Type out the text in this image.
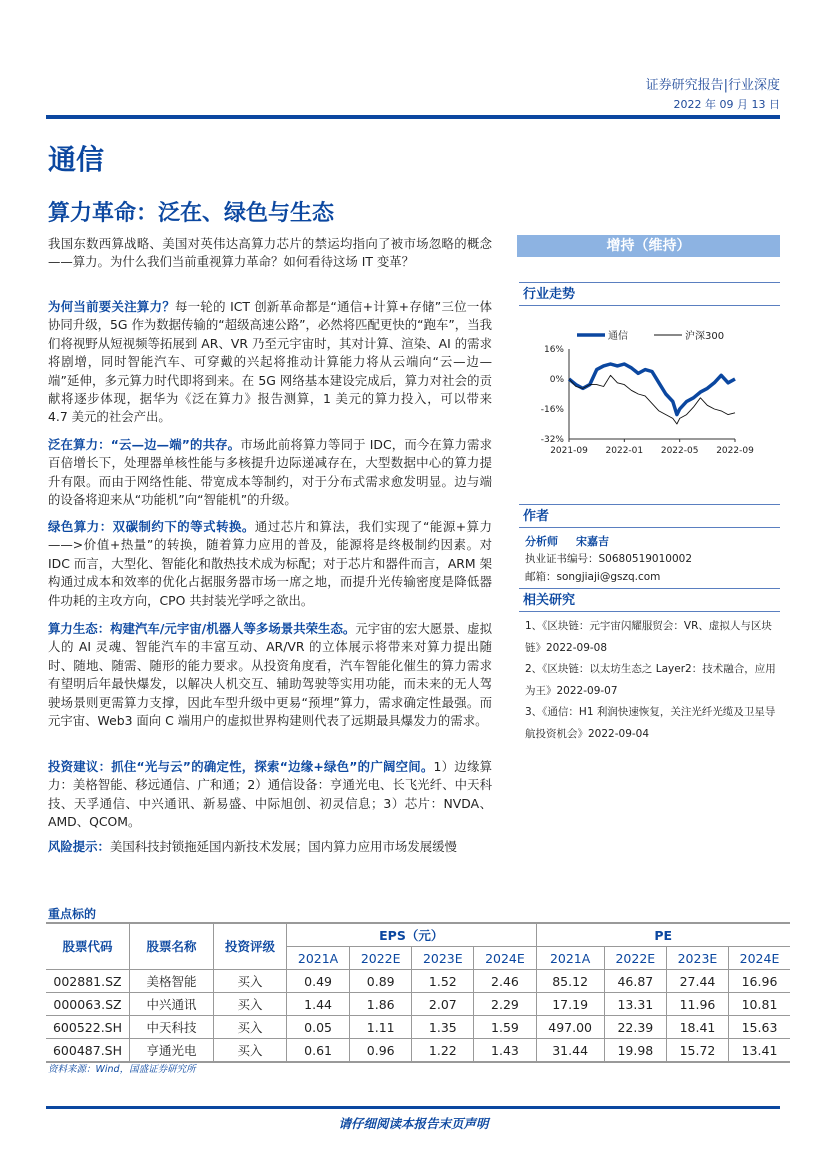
证券研究报告|行业深度
2022 年 09 月 13 日
通信
算力革命：泛在、绿色与生态
我国东数西算战略、美国对英伟达高算力芯片的禁运均指向了被市场忽略的概念——算力。为什么我们当前重视算力革命？如何看待这场 IT 变革？
为何当前要关注算力？每一轮的 ICT 创新革命都是“通信+计算+存储”三位一体协同升级，5G 作为数据传输的“超级高速公路”，必然将匹配更快的“跑车”，当我们将视野从短视频等拓展到 AR、VR 乃至元宇宙时，其对计算、渲染、AI 的需求将剧增，同时智能汽车、可穿戴的兴起将推动计算能力将从云端向“云—边—端”延伸，多元算力时代即将到来。在 5G 网络基本建设完成后，算力对社会的贡献将逐步体现，据华为《泛在算力》报告测算，1 美元的算力投入，可以带来 4.7 美元的社会产出。
泛在算力：“云—边—端”的共存。市场此前将算力等同于 IDC，而今在算力需求百倍增长下，处理器单核性能与多核提升边际递减存在，大型数据中心的算力提升有限。而由于网络性能、带宽成本等制约，对于分布式需求愈发明显。边与端的设备将迎来从“功能机”向“智能机”的升级。
绿色算力：双碳制约下的等式转换。通过芯片和算法，我们实现了“能源+算力——>价值+热量”的转换，随着算力应用的普及，能源将是终极制约因素。对 IDC 而言，大型化、智能化和散热技术成为标配；对于芯片和器件而言，ARM 架构通过成本和效率的优化占据服务器市场一席之地，而提升光传输密度是降低器件功耗的主攻方向，CPO 共封装光学呼之欲出。
算力生态：构建汽车/元宇宙/机器人等多场景共荣生态。元宇宙的宏大愿景、虚拟人的 AI 灵魂、智能汽车的丰富互动、AR/VR 的立体展示将带来对算力提出随时、随地、随需、随形的能力要求。从投资角度看，汽车智能化催生的算力需求有望明后年最快爆发，以解决人机交互、辅助驾驶等实用功能，而未来的无人驾驶场景则更需算力支撑，因此车型升级中更易“预埋”算力，需求确定性最强。而元宇宙、Web3 面向 C 端用户的虚拟世界构建则代表了远期最具爆发力的需求。
投资建议：抓住“光与云”的确定性，探索“边缘+绿色”的广阔空间。1）边缘算力：美格智能、移远通信、广和通；2）通信设备：亨通光电、长飞光纤、中天科技、天孚通信、中兴通讯、新易盛、中际旭创、初灵信息；3）芯片：NVDA、AMD、QCOM。
风险提示：美国科技封锁拖延国内新技术发展；国内算力应用市场发展缓慢
增持（维持）
行业走势
16%
0%
-16%
-32%
2021-09 2022-01 2022-05 2022-09
通信	沪深300
作者
分析师 宋嘉吉
执业证书编号：S0680519010002
邮箱：songjiaji@gszq.com
相关研究
1、《区块链：元宇宙闪耀服贸会：VR、虚拟人与区块链》2022-09-08
2、《区块链：以太坊生态之 Layer2：技术融合，应用为王》2022-09-07
3、《通信：H1 利润快速恢复，关注光纤光缆及卫星导航投资机会》2022-09-04
重点标的
股票代码	股票名称	投资评级	EPS（元）				PE			
			2021A	2022E	2023E	2024E	2021A	2022E	2023E	2024E
002881.SZ	美格智能	买入	0.49	0.89	1.52	2.46	85.12	46.87	27.44	16.96
000063.SZ	中兴通讯	买入	1.44	1.86	2.07	2.29	17.19	13.31	11.96	10.81
600522.SH	中天科技	买入	0.05	1.11	1.35	1.59	497.00	22.39	18.41	15.63
600487.SH	亨通光电	买入	0.61	0.96	1.22	1.43	31.44	19.98	15.72	13.41
资料来源：Wind，国盛证券研究所
请仔细阅读本报告末页声明
